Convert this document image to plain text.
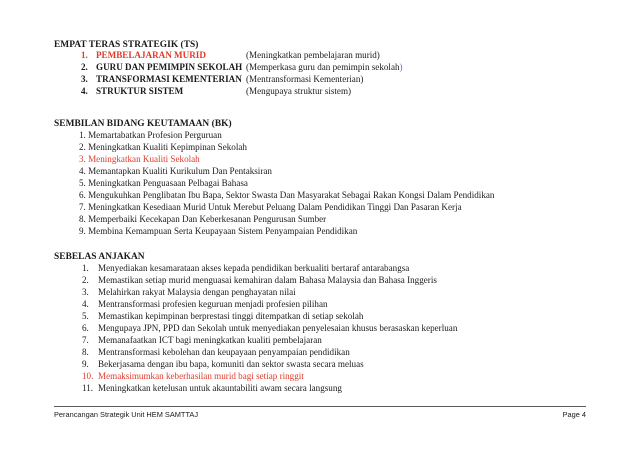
EMPAT TERAS STRATEGIK (TS)
1. PEMBELAJARAN MURID	(Meningkatkan pembelajaran murid)
2. GURU DAN PEMIMPIN SEKOLAH (Memperkasa guru dan pemimpin sekolah)
3. TRANSFORMASI KEMENTERIAN (Mentransformasi Kementerian)
4. STRUKTUR SISTEM	(Mengupaya struktur sistem)
SEMBILAN BIDANG KEUTAMAAN (BK)
1. Memartabatkan Profesion Perguruan
2. Meningkatkan Kualiti Kepimpinan Sekolah
3. Meningkatkan Kualiti Sekolah
4. Memantapkan Kualiti Kurikulum Dan Pentaksiran
5. Meningkatkan Penguasaan Pelbagai Bahasa
6. Mengukuhkan Penglibatan Ibu Bapa, Sektor Swasta Dan Masyarakat Sebagai Rakan Kongsi Dalam Pendidikan
7. Meningkatkan Kesediaan Murid Untuk Merebut Peluang Dalam Pendidikan Tinggi Dan Pasaran Kerja
8. Memperbaiki Kecekapan Dan Keberkesanan Pengurusan Sumber
9. Membina Kemampuan Serta Keupayaan Sistem Penyampaian Pendidikan
SEBELAS ANJAKAN
1. Menyediakan kesamarataan akses kepada pendidikan berkualiti bertaraf antarabangsa
2. Memastikan setiap murid menguasai kemahiran dalam Bahasa Malaysia dan Bahasa Inggeris
3. Melahirkan rakyat Malaysia dengan penghayatan nilai
4. Mentransformasi profesien keguruan menjadi profesien pilihan
5. Memastikan kepimpinan berprestasi tinggi ditempatkan di setiap sekolah
6. Mengupaya JPN, PPD dan Sekolah untuk menyediakan penyelesaian khusus berasaskan keperluan
7. Memanafaatkan ICT bagi meningkatkan kualiti pembelajaran
8. Mentransformasi kebolehan dan keupayaan penyampaian pendidikan
9. Bekerjasama dengan ibu bapa, komuniti dan sektor swasta secara meluas
10. Memaksimumkan keberhasilan murid bagi setiap ringgit
11. Meningkatkan ketelusan untuk akauntabiliti awam secara langsung
Perancangan Strategik Unit HEM SAMTTAJ	Page 4
